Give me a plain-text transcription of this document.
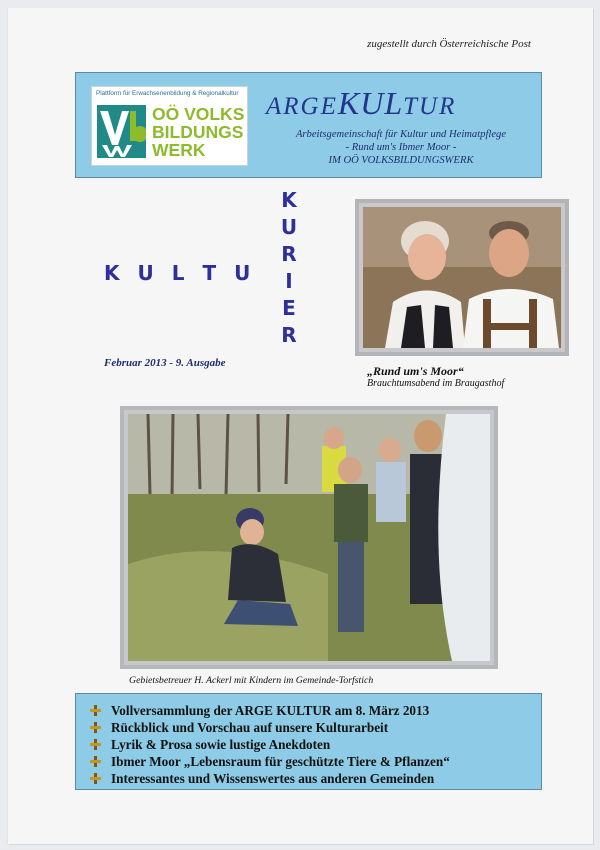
zugestellt durch Österreichische Post
Plattform für Erwachsenenbildung & Regionalkultur
OÖ VOLKS
BILDUNGS
WERK
ARGEKULTUR
Arbeitsgemeinschaft für Kultur und Heimatpflege
- Rund um's Ibmer Moor -
IM OÖ VOLKSBILDUNGSWERK
K U L T U
K
U
R
I
E
R
Februar 2013 - 9. Ausgabe
„Rund um's Moor“
Brauchtumsabend im Braugasthof
Gebietsbetreuer H. Ackerl mit Kindern im Gemeinde-Torfstich
Vollversammlung der ARGE KULTUR am 8. März 2013
Rückblick und Vorschau auf unsere Kulturarbeit
Lyrik & Prosa sowie lustige Anekdoten
Ibmer Moor „Lebensraum für geschützte Tiere & Pflanzen“
Interessantes und Wissenswertes aus anderen Gemeinden
